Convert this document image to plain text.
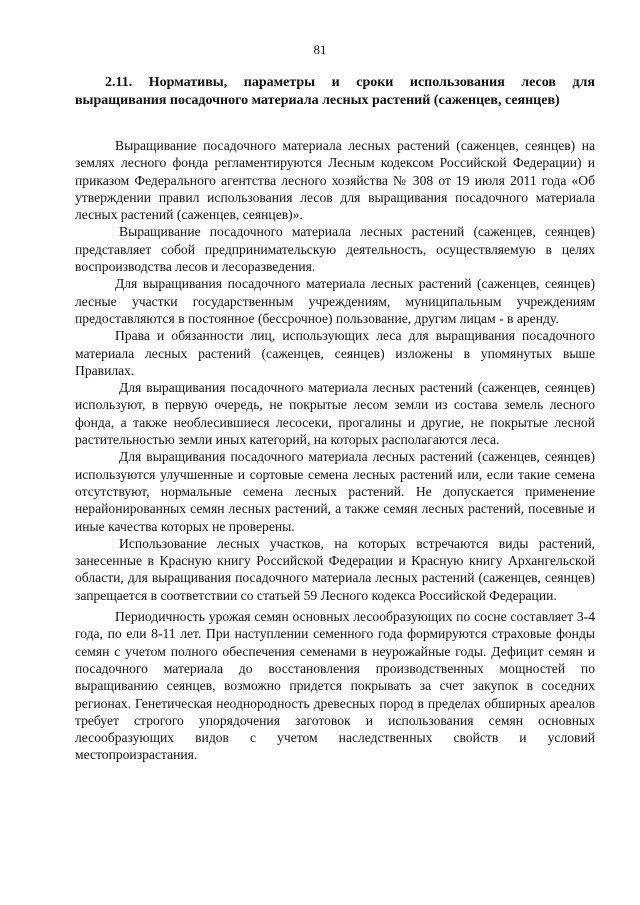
81
2.11. Нормативы, параметры и сроки использования лесов для выращивания посадочного материала лесных растений (саженцев, сеянцев)

Выращивание посадочного материала лесных растений (саженцев, сеянцев) на землях лесного фонда регламентируются Лесным кодексом Российской Федерации) и приказом Федерального агентства лесного хозяйства № 308 от 19 июля 2011 года «Об утверждении правил использования лесов для выращивания посадочного материала лесных растений (саженцев, сеянцев)».

Выращивание посадочного материала лесных растений (саженцев, сеянцев) представляет собой предпринимательскую деятельность, осуществляемую в целях воспроизводства лесов и лесоразведения.

Для выращивания посадочного материала лесных растений (саженцев, сеянцев) лесные участки государственным учреждениям, муниципальным учреждениям предоставляются в постоянное (бессрочное) пользование, другим лицам - в аренду.

Права и обязанности лиц, использующих леса для выращивания посадочного материала лесных растений (саженцев, сеянцев) изложены в упомянутых выше Правилах.

Для выращивания посадочного материала лесных растений (саженцев, сеянцев) используют, в первую очередь, не покрытые лесом земли из состава земель лесного фонда, а также необлесившиеся лесосеки, прогалины и другие, не покрытые лесной растительностью земли иных категорий, на которых располагаются леса.

Для выращивания посадочного материала лесных растений (саженцев, сеянцев) используются улучшенные и сортовые семена лесных растений или, если такие семена отсутствуют, нормальные семена лесных растений. Не допускается применение нерайонированных семян лесных растений, а также семян лесных растений, посевные и иные качества которых не проверены.

Использование лесных участков, на которых встречаются виды растений, занесенные в Красную книгу Российской Федерации и Красную книгу Архангельской области, для выращивания посадочного материала лесных растений (саженцев, сеянцев) запрещается в соответствии со статьей 59 Лесного кодекса Российской Федерации.

Периодичность урожая семян основных лесообразующих по сосне составляет 3-4 года, по ели 8-11 лет. При наступлении семенного года формируются страховые фонды семян с учетом полного обеспечения семенами в неурожайные годы. Дефицит семян и посадочного материала до восстановления производственных мощностей по выращиванию сеянцев, возможно придется покрывать за счет закупок в соседних регионах. Генетическая неоднородность древесных пород в пределах обширных ареалов требует строгого упорядочения заготовок и использования семян основных лесообразующих видов с учетом наследственных свойств и условий местопроизрастания.
